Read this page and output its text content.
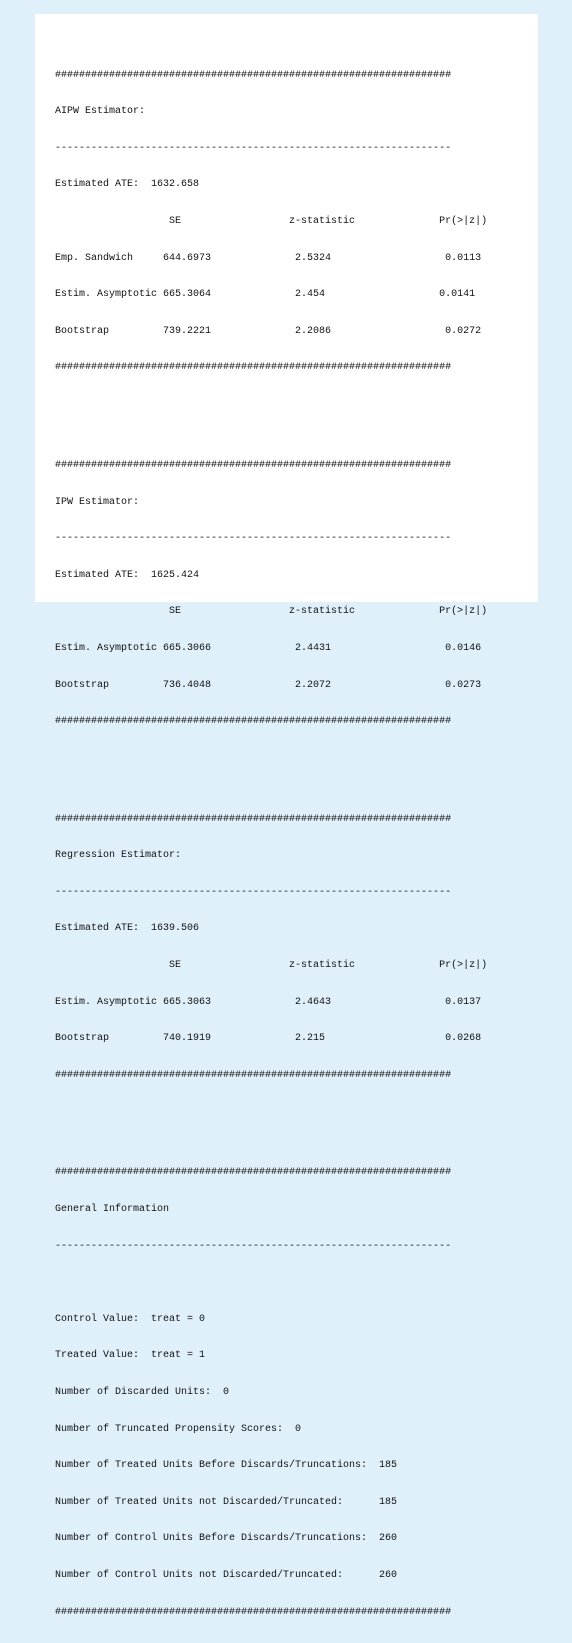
##################################################################

AIPW Estimator:

------------------------------------------------------------------

Estimated ATE:  1632.658

SE                  z-statistic              Pr(>|z|)

Emp. Sandwich     644.6973              2.5324                   0.0113

Estim. Asymptotic 665.3064              2.454                   0.0141

Bootstrap         739.2221              2.2086                   0.0272

##################################################################

##################################################################

IPW Estimator:

------------------------------------------------------------------

Estimated ATE:  1625.424

SE                  z-statistic              Pr(>|z|)

Estim. Asymptotic 665.3066              2.4431                   0.0146

Bootstrap         736.4048              2.2072                   0.0273

##################################################################

##################################################################

Regression Estimator:

------------------------------------------------------------------

Estimated ATE:  1639.506

SE                  z-statistic              Pr(>|z|)

Estim. Asymptotic 665.3063              2.4643                   0.0137

Bootstrap         740.1919              2.215                    0.0268

##################################################################

##################################################################

General Information

------------------------------------------------------------------

Control Value:  treat = 0

Treated Value:  treat = 1

Number of Discarded Units:  0

Number of Truncated Propensity Scores:  0

Number of Treated Units Before Discards/Truncations:  185

Number of Treated Units not Discarded/Truncated:      185

Number of Control Units Before Discards/Truncations:  260

Number of Control Units not Discarded/Truncated:      260

##################################################################
